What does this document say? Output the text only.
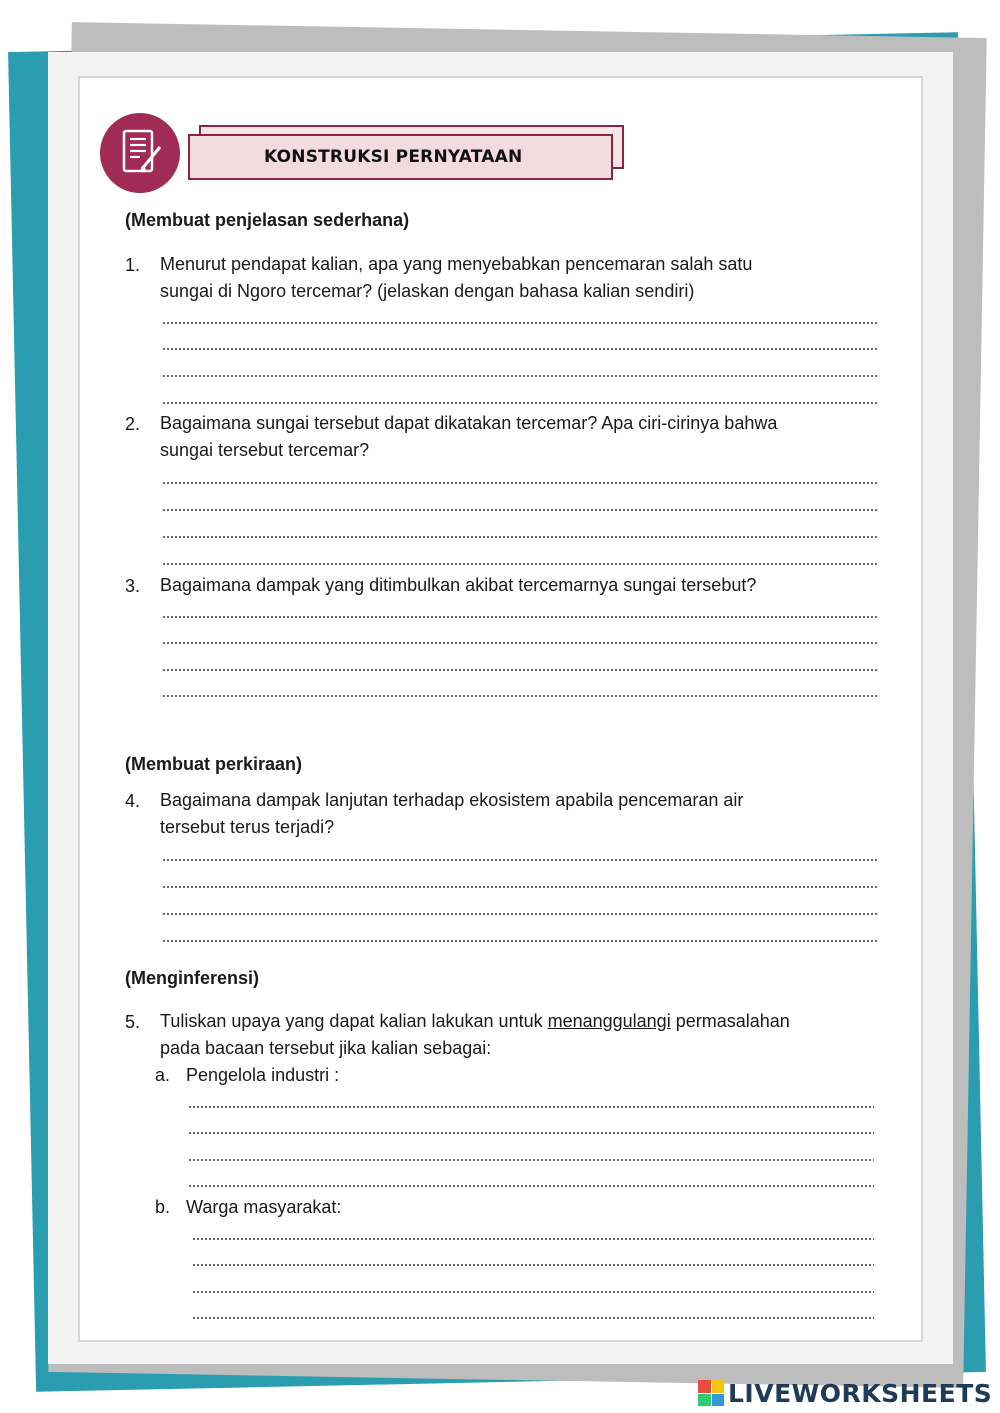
KONSTRUKSI PERNYATAAN
(Membuat penjelasan sederhana)
1. Menurut pendapat kalian, apa yang menyebabkan pencemaran salah satu
sungai di Ngoro tercemar? (jelaskan dengan bahasa kalian sendiri)
2. Bagaimana sungai tersebut dapat dikatakan tercemar? Apa ciri-cirinya bahwa
sungai tersebut tercemar?
3. Bagaimana dampak yang ditimbulkan akibat tercemarnya sungai tersebut?
(Membuat perkiraan)
4. Bagaimana dampak lanjutan terhadap ekosistem apabila pencemaran air
tersebut terus terjadi?
(Menginferensi)
5. Tuliskan upaya yang dapat kalian lakukan untuk menanggulangi permasalahan
pada bacaan tersebut jika kalian sebagai:
a. Pengelola industri :
b. Warga masyarakat:
LIVEWORKSHEETS
